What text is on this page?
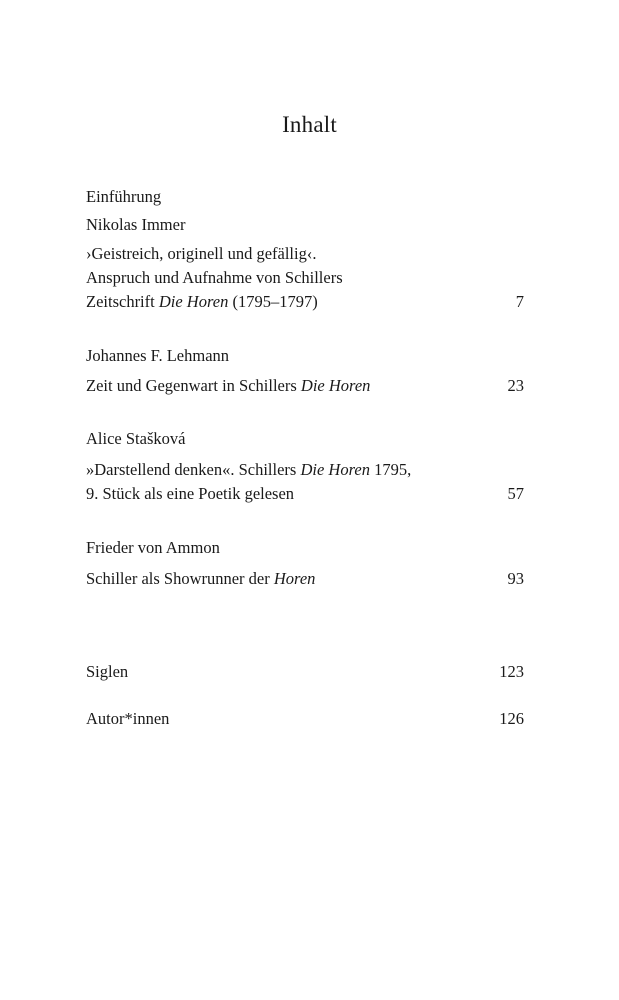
Inhalt
Einführung
Nikolas Immer
›Geistreich, originell und gefällig‹.
Anspruch und Aufnahme von Schillers
Zeitschrift Die Horen (1795–1797)	7
Johannes F. Lehmann
Zeit und Gegenwart in Schillers Die Horen	23
Alice Stašková
»Darstellend denken«. Schillers Die Horen 1795,
9. Stück als eine Poetik gelesen	57
Frieder von Ammon
Schiller als Showrunner der Horen	93
Siglen	123
Autor*innen	126
